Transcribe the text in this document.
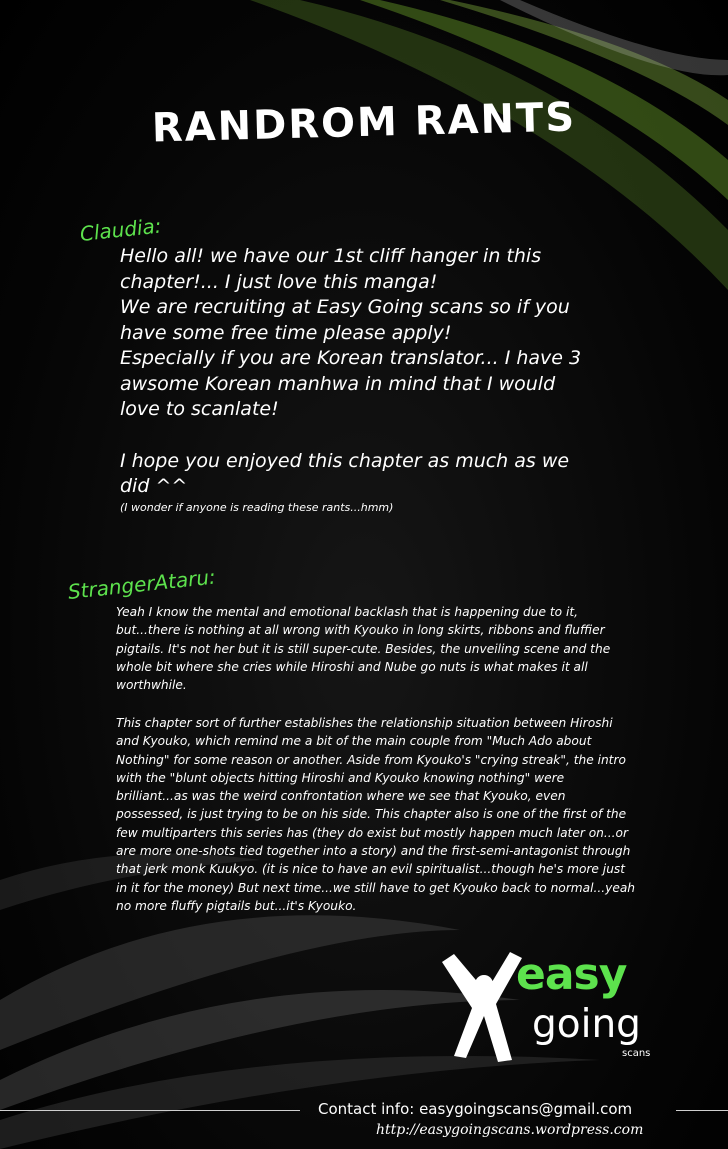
RANDROM RANTS
Claudia:

Hello all! we have our 1st cliff hanger in this

chapter!... I just love this manga!

We are recruiting at Easy Going scans so if you

have some free time please apply!

Especially if you are Korean translator... I have 3

awsome Korean manhwa in mind that I would

love to scanlate!

I hope you enjoyed this chapter as much as we

did ^^

(I wonder if anyone is reading these rants...hmm)

StrangerAtaru:
Yeah I know the mental and emotional backlash that is happening due to it, but...there is nothing at all wrong with Kyouko in long skirts, ribbons and fluffier pigtails. It's not her but it is still super-cute. Besides, the unveiling scene and the whole bit where she cries while Hiroshi and Nube go nuts is what makes it all worthwhile.
This chapter sort of further establishes the relationship situation between Hiroshi and Kyouko, which remind me a bit of the main couple from "Much Ado about Nothing" for some reason or another. Aside from Kyouko's "crying streak", the intro with the "blunt objects hitting Hiroshi and Kyouko knowing nothing" were brilliant...as was the weird confrontation where we see that Kyouko, even possessed, is just trying to be on his side. This chapter also is one of the first of the few multiparters this series has (they do exist but mostly happen much later on...or are more one-shots tied together into a story) and the first-semi-antagonist through that jerk monk Kuukyo. (it is nice to have an evil spiritualist...though he's more just in it for the money) But next time...we still have to get Kyouko back to normal...yeah no more fluffy pigtails but...it's Kyouko.
easy
going
scans
Contact info: easygoingscans@gmail.com
http://easygoingscans.wordpress.com
